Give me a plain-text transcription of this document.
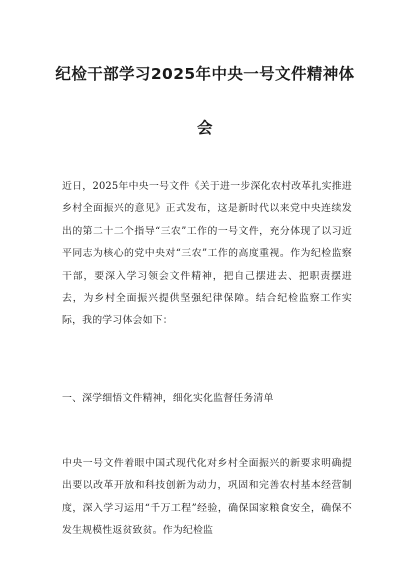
纪检干部学习2025年中央一号文件精神体
会

近日，2025年中央一号文件《关于进一步深化农村改革扎实推进乡村全面振兴的意见》正式发布，这是新时代以来党中央连续发出的第二十二个指导“三农”工作的一号文件，充分体现了以习近平同志为核心的党中央对“三农”工作的高度重视。作为纪检监察干部，要深入学习领会文件精神，把自己摆进去、把职责摆进去，为乡村全面振兴提供坚强纪律保障。结合纪检监察工作实际，我的学习体会如下：

一、深学细悟文件精神，细化实化监督任务清单

中央一号文件着眼中国式现代化对乡村全面振兴的新要求明确提出要以改革开放和科技创新为动力，巩固和完善农村基本经营制度，深入学习运用“千万工程”经验，确保国家粮食安全，确保不发生规模性返贫致贫。作为纪检监
